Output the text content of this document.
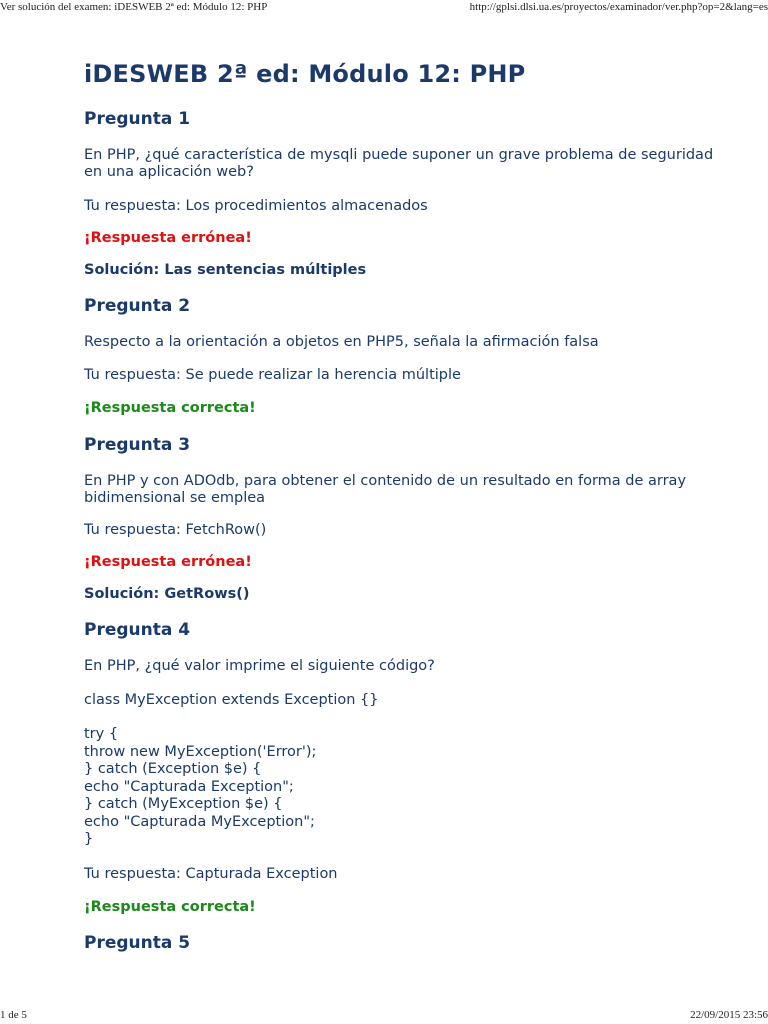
Ver solución del examen: iDESWEB 2ª ed: Módulo 12: PHP	http://gplsi.dlsi.ua.es/proyectos/examinador/ver.php?op=2&lang=es
iDESWEB 2ª ed: Módulo 12: PHP
Pregunta 1

En PHP, ¿qué característica de mysqli puede suponer un grave problema de seguridad en una aplicación web?

Tu respuesta: Los procedimientos almacenados

¡Respuesta errónea!

Solución: Las sentencias múltiples

Pregunta 2

Respecto a la orientación a objetos en PHP5, señala la afirmación falsa

Tu respuesta: Se puede realizar la herencia múltiple

¡Respuesta correcta!

Pregunta 3

En PHP y con ADOdb, para obtener el contenido de un resultado en forma de array bidimensional se emplea

Tu respuesta: FetchRow()

¡Respuesta errónea!

Solución: GetRows()

Pregunta 4

En PHP, ¿qué valor imprime el siguiente código?

class MyException extends Exception {}

try {
throw new MyException('Error');
} catch (Exception $e) {
echo "Capturada Exception";
} catch (MyException $e) {
echo "Capturada MyException";
}

Tu respuesta: Capturada Exception

¡Respuesta correcta!

Pregunta 5
1 de 5	22/09/2015 23:56
